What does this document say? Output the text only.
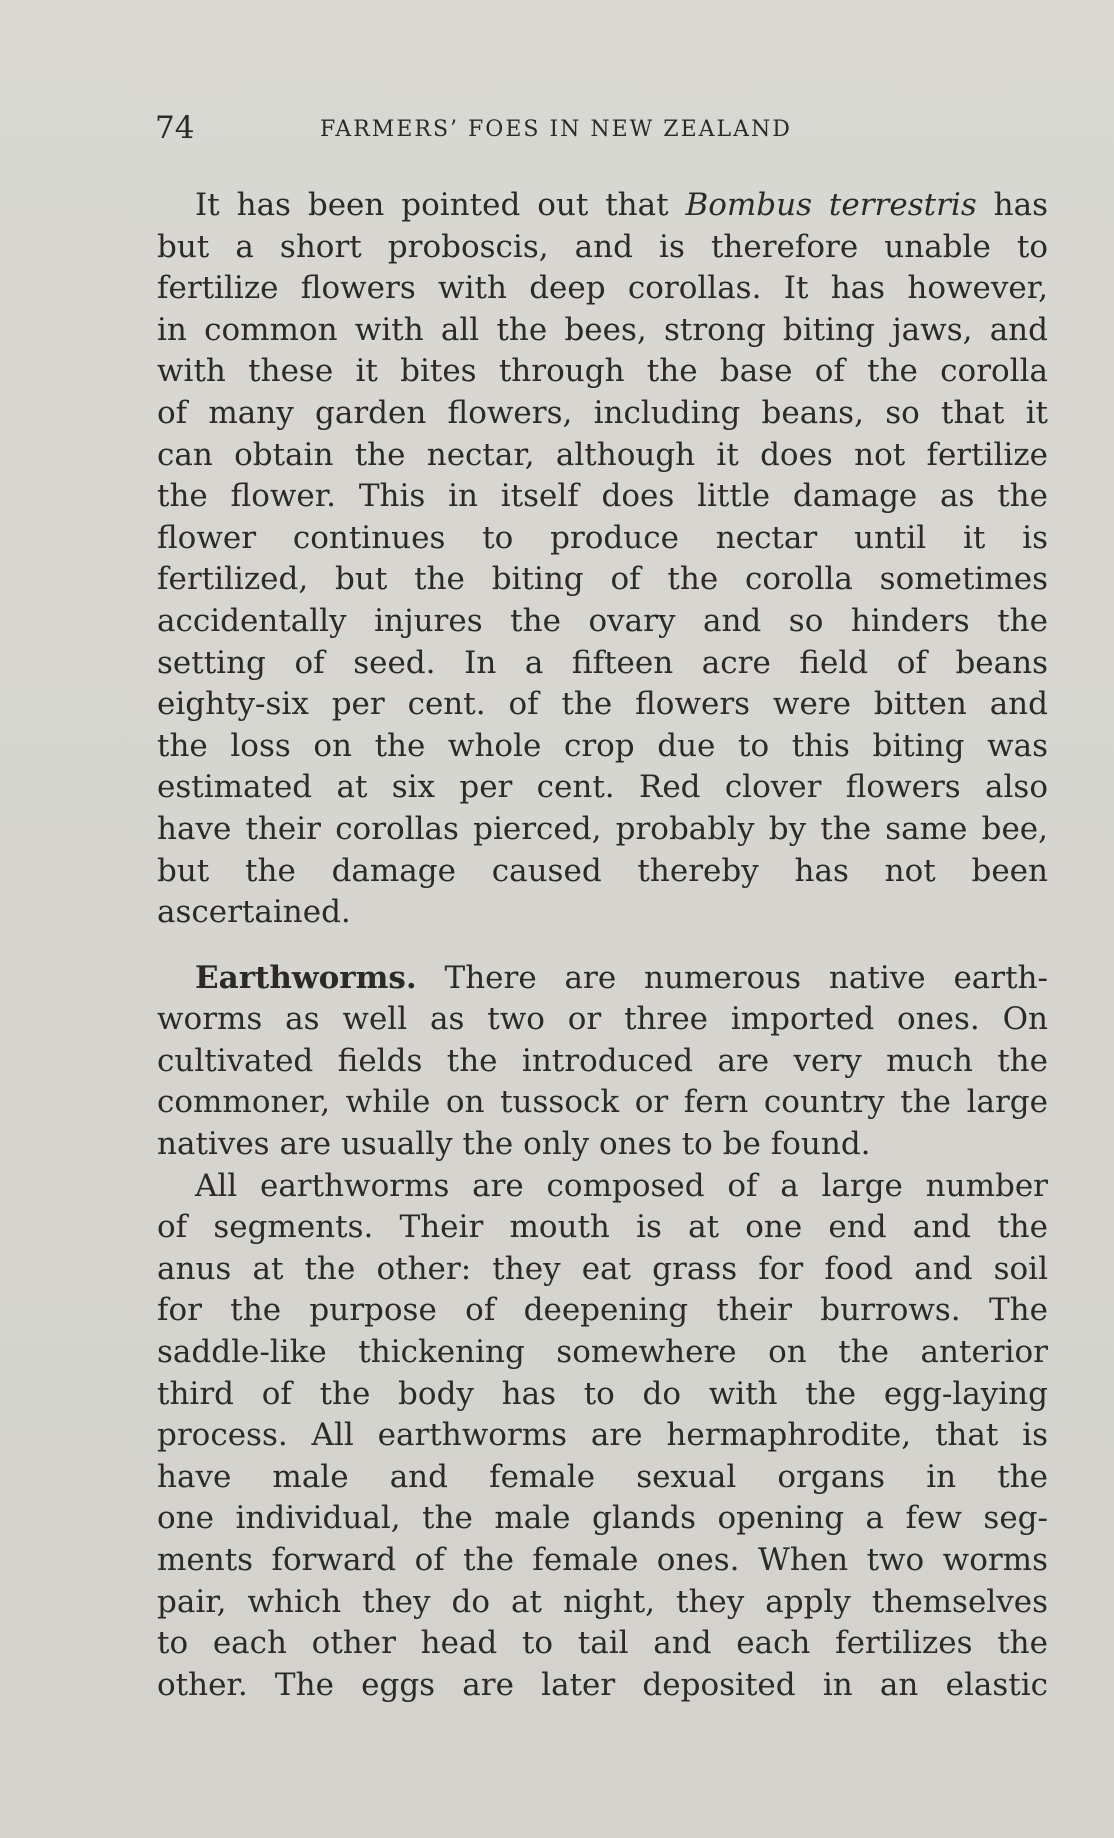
74	FARMERS’ FOES IN NEW ZEALAND
It has been pointed out that Bombus terrestris has
but a short proboscis, and is therefore unable to
fertilize flowers with deep corollas. It has however,
in common with all the bees, strong biting jaws, and
with these it bites through the base of the corolla
of many garden flowers, including beans, so that it
can obtain the nectar, although it does not fertilize
the flower. This in itself does little damage as the
flower continues to produce nectar until it is
fertilized, but the biting of the corolla sometimes
accidentally injures the ovary and so hinders the
setting of seed. In a fifteen acre field of beans
eighty-six per cent. of the flowers were bitten and
the loss on the whole crop due to this biting was
estimated at six per cent. Red clover flowers also
have their corollas pierced, probably by the same bee,
but the damage caused thereby has not been
ascertained.
Earthworms. There are numerous native earth-
worms as well as two or three imported ones. On
cultivated fields the introduced are very much the
commoner, while on tussock or fern country the large
natives are usually the only ones to be found.
All earthworms are composed of a large number
of segments. Their mouth is at one end and the
anus at the other: they eat grass for food and soil
for the purpose of deepening their burrows. The
saddle-like thickening somewhere on the anterior
third of the body has to do with the egg-laying
process. All earthworms are hermaphrodite, that is
have male and female sexual organs in the
one individual, the male glands opening a few seg-
ments forward of the female ones. When two worms
pair, which they do at night, they apply themselves
to each other head to tail and each fertilizes the
other. The eggs are later deposited in an elastic
